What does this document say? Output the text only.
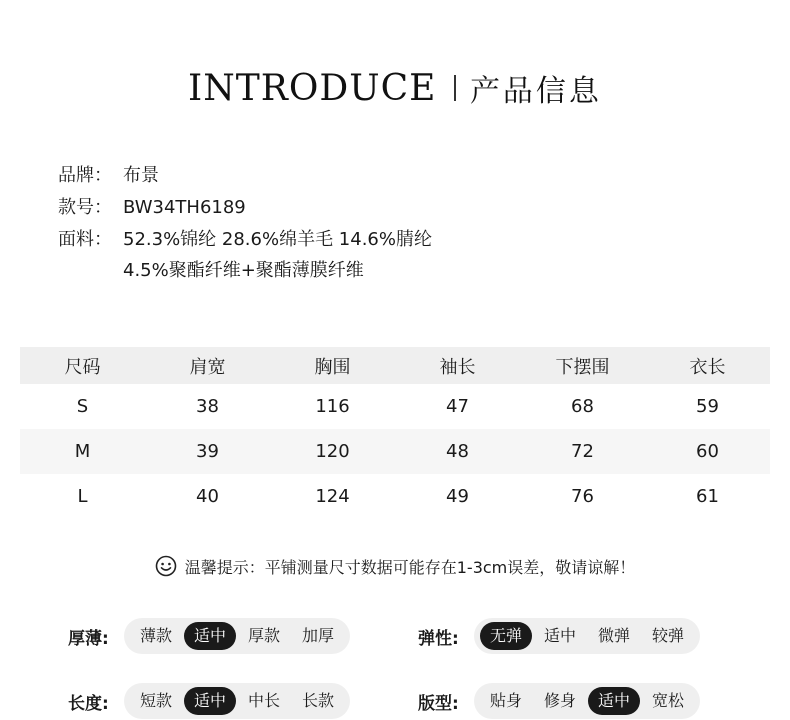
INTRODUCE 产品信息
品牌： 布景
款号： BW34TH6189
面料： 52.3%锦纶 28.6%绵羊毛 14.6%腈纶
4.5%聚酯纤维+聚酯薄膜纤维
尺码	肩宽	胸围	袖长	下摆围	衣长
S	38	116	47	68	59
M	39	120	48	72	60
L	40	124	49	76	61
温馨提示：平铺测量尺寸数据可能存在1-3cm误差，敬请谅解！
厚薄:	薄款	适中	厚款	加厚	弹性:	无弹	适中	微弹	较弹
长度:	短款	适中	中长	长款	版型:	贴身	修身	适中	宽松
